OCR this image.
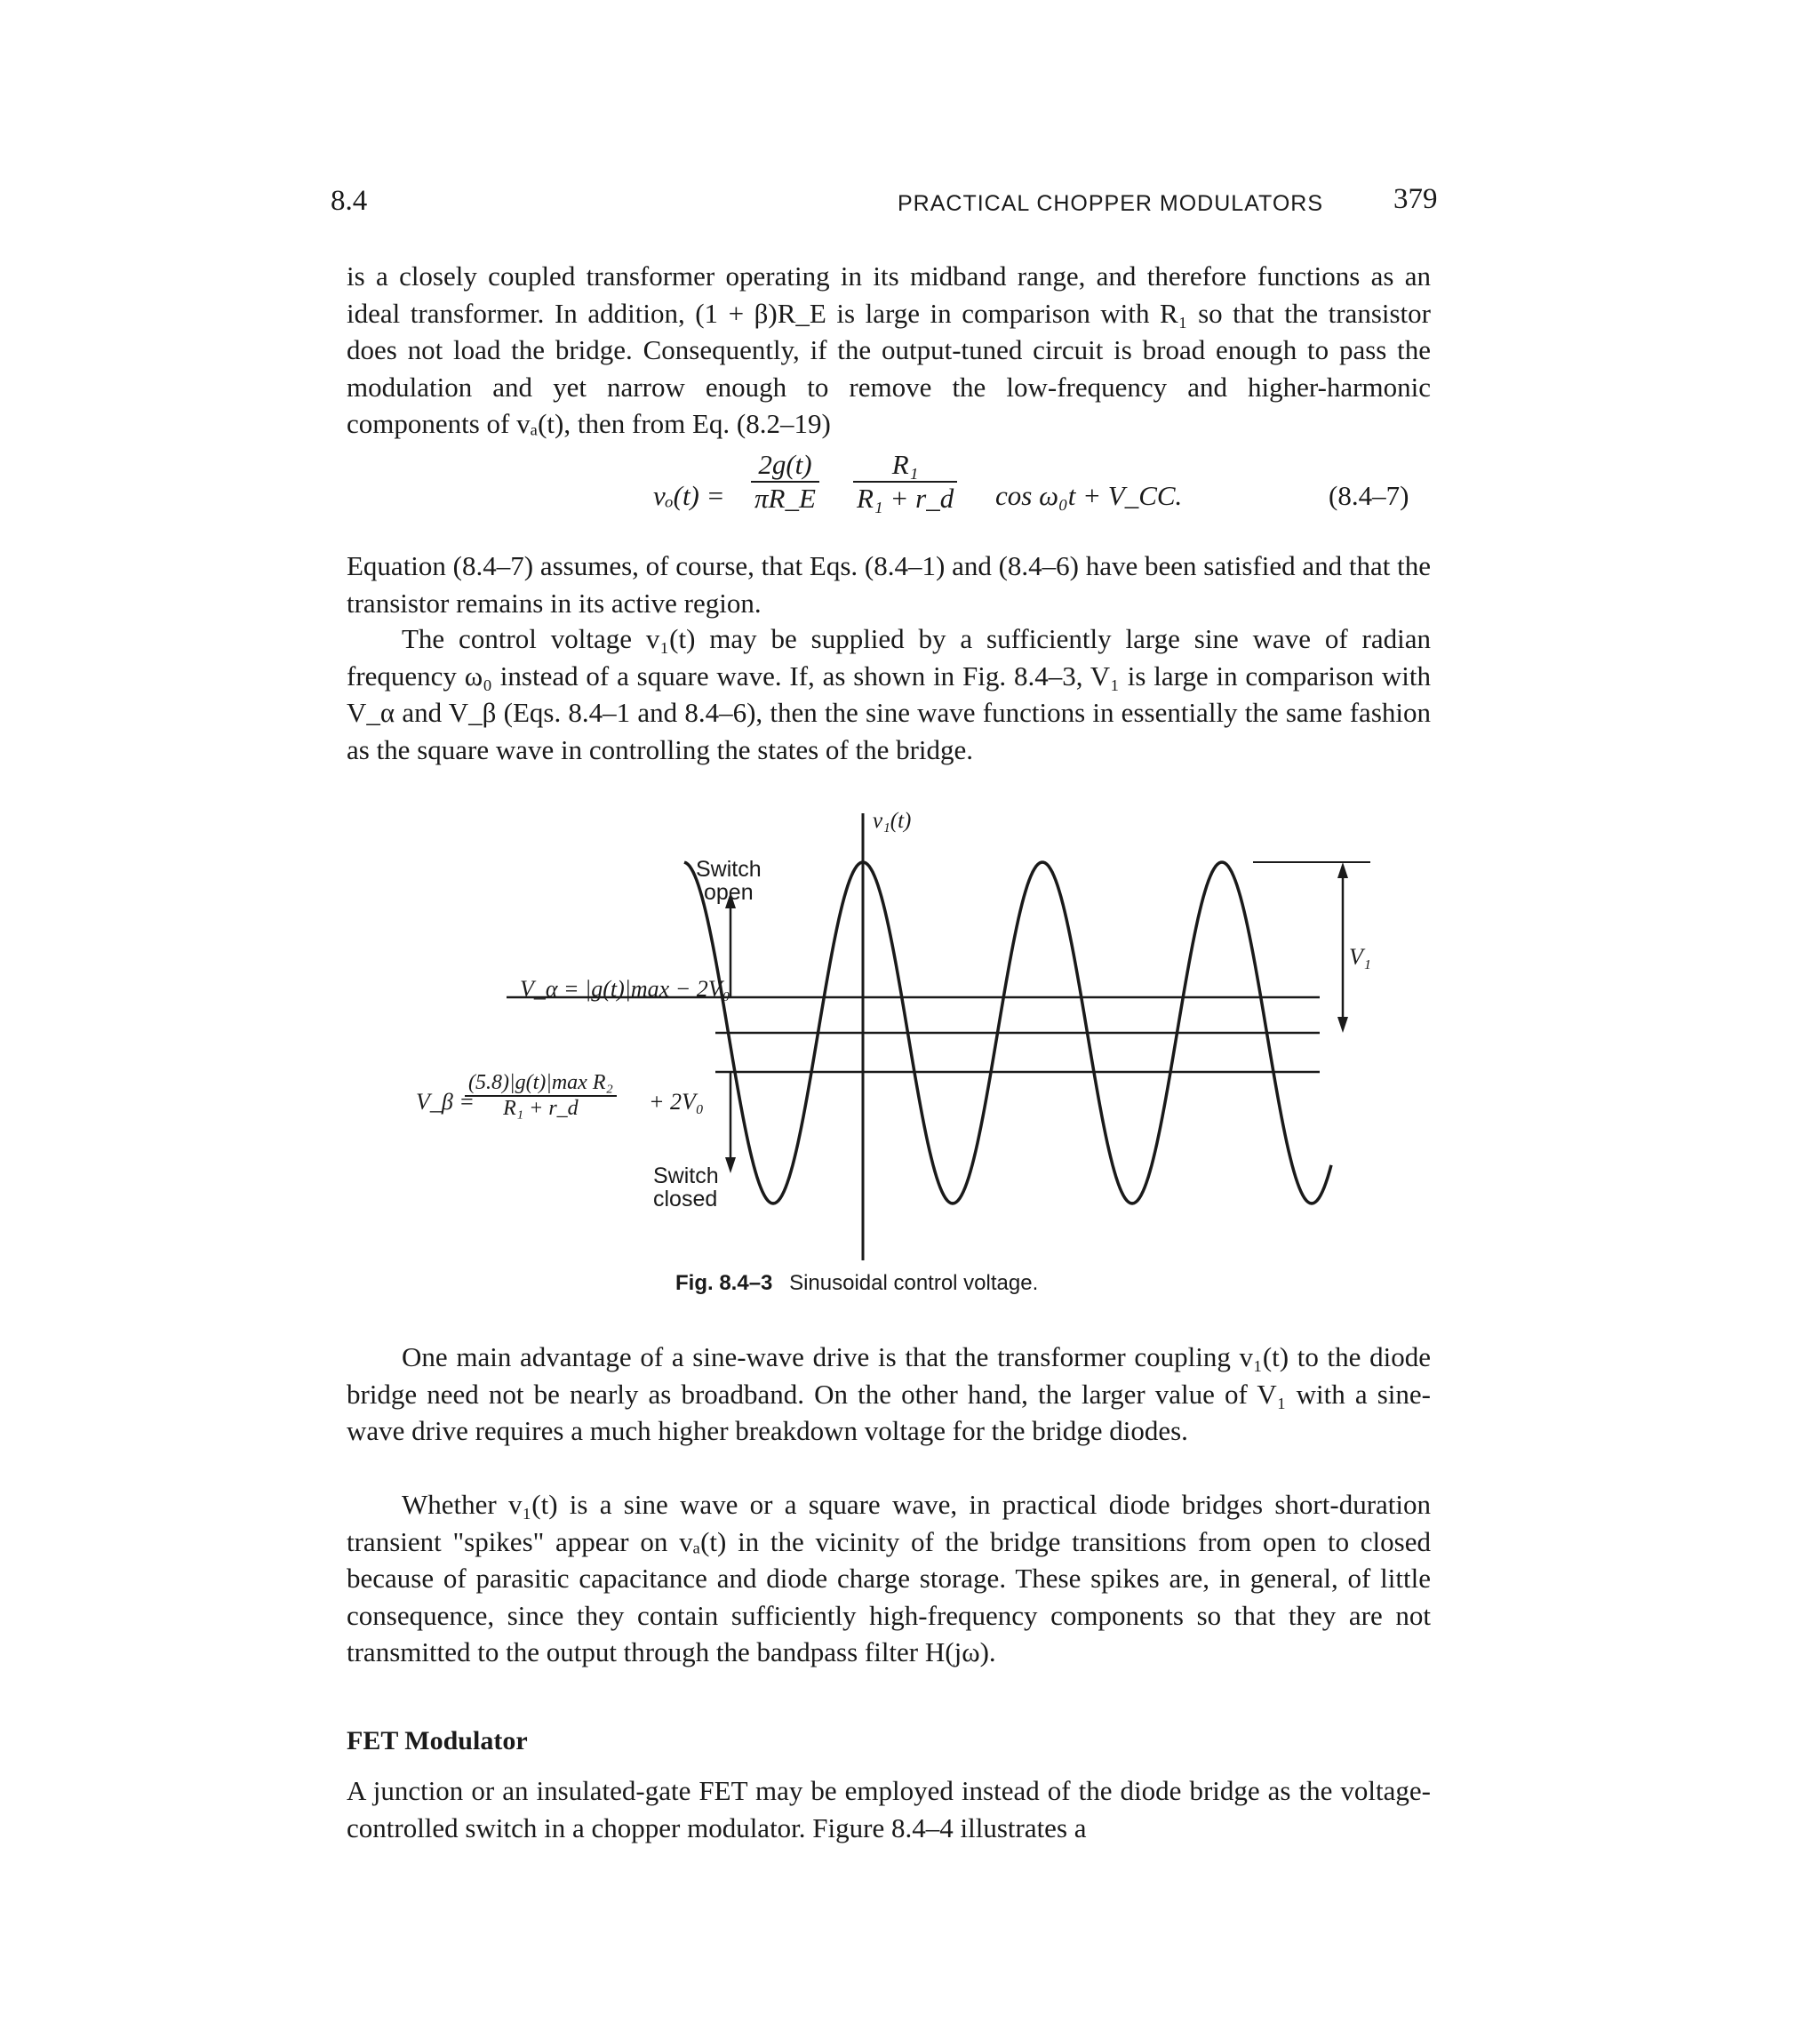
8.4	PRACTICAL CHOPPER MODULATORS 379

is a closely coupled transformer operating in its midband range, and therefore functions as an ideal transformer. In addition, (1 + β)R_E is large in comparison with R₁ so that the transistor does not load the bridge. Consequently, if the output-tuned circuit is broad enough to pass the modulation and yet narrow enough to remove the low-frequency and higher-harmonic components of vₐ(t), then from Eq. (8.2–19)

$v_o(t) = \frac{2g(t)}{\pi R\_E} \frac{\text{R₁}}{\text{R₁ + r\_d}}$ cos ω₀t + V_CC.	(8.4–7)

Equation (8.4–7) assumes, of course, that Eqs. (8.4–1) and (8.4–6) have been satisfied and that the transistor remains in its active region.

The control voltage v₁(t) may be supplied by a sufficiently large sine wave of radian frequency ω₀ instead of a square wave. If, as shown in Fig. 8.4–3, V₁ is large in comparison with V_α and V_β (Eqs. 8.4–1 and 8.4–6), then the sine wave functions in essentially the same fashion as the square wave in controlling the states of the bridge.

v₁(t)
Switch
open
V_α = |g(t)|max − 2V₀
V_β =
(5.8)|g(t)|max R₂
R₁ + r_d	+ 2V₀
Switch
closed
V₁
Fig. 8.4–3 Sinusoidal control voltage.

One main advantage of a sine-wave drive is that the transformer coupling v₁(t) to the diode bridge need not be nearly as broadband. On the other hand, the larger value of V₁ with a sine-wave drive requires a much higher breakdown voltage for the bridge diodes.

Whether v₁(t) is a sine wave or a square wave, in practical diode bridges short-duration transient "spikes" appear on vₐ(t) in the vicinity of the bridge transitions from open to closed because of parasitic capacitance and diode charge storage. These spikes are, in general, of little consequence, since they contain sufficiently high-frequency components so that they are not transmitted to the output through the bandpass filter H(jω).

FET Modulator

A junction or an insulated-gate FET may be employed instead of the diode bridge as the voltage-controlled switch in a chopper modulator. Figure 8.4–4 illustrates a
